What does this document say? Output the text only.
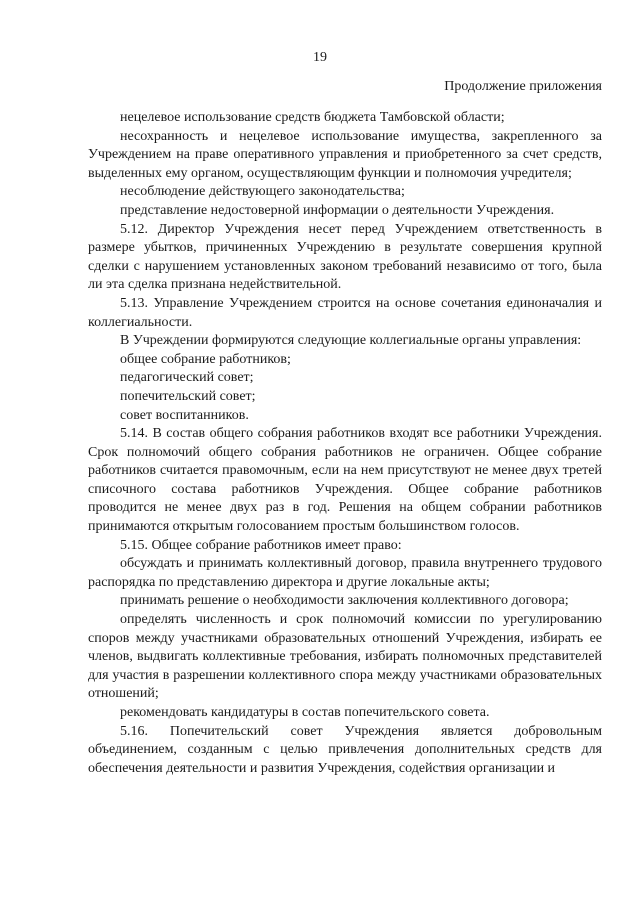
19
Продолжение приложения

нецелевое использование средств бюджета Тамбовской области;

несохранность и нецелевое использование имущества, закрепленного за Учреждением на праве оперативного управления и приобретенного за счет средств, выделенных ему органом, осуществляющим функции и полномочия учредителя;

несоблюдение действующего законодательства;

представление недостоверной информации о деятельности Учреждения.

5.12. Директор Учреждения несет перед Учреждением ответственность в размере убытков, причиненных Учреждению в результате совершения крупной сделки с нарушением установленных законом требований независимо от того, была ли эта сделка признана недействительной.

5.13. Управление Учреждением строится на основе сочетания единоначалия и коллегиальности.

В Учреждении формируются следующие коллегиальные органы управления:

общее собрание работников;

педагогический совет;

попечительский совет;

совет воспитанников.

5.14. В состав общего собрания работников входят все работники Учреждения. Срок полномочий общего собрания работников не ограничен. Общее собрание работников считается правомочным, если на нем присутствуют не менее двух третей списочного состава работников Учреждения. Общее собрание работников проводится не менее двух раз в год. Решения на общем собрании работников принимаются открытым голосованием простым большинством голосов.

5.15. Общее собрание работников имеет право:

обсуждать и принимать коллективный договор, правила внутреннего трудового распорядка по представлению директора и другие локальные акты;

принимать решение о необходимости заключения коллективного договора;

определять численность и срок полномочий комиссии по урегулированию споров между участниками образовательных отношений Учреждения, избирать ее членов, выдвигать коллективные требования, избирать полномочных представителей для участия в разрешении коллективного спора между участниками образовательных отношений;

рекомендовать кандидатуры в состав попечительского совета.

5.16. Попечительский совет Учреждения является добровольным объединением, созданным с целью привлечения дополнительных средств для обеспечения деятельности и развития Учреждения, содействия организации и
